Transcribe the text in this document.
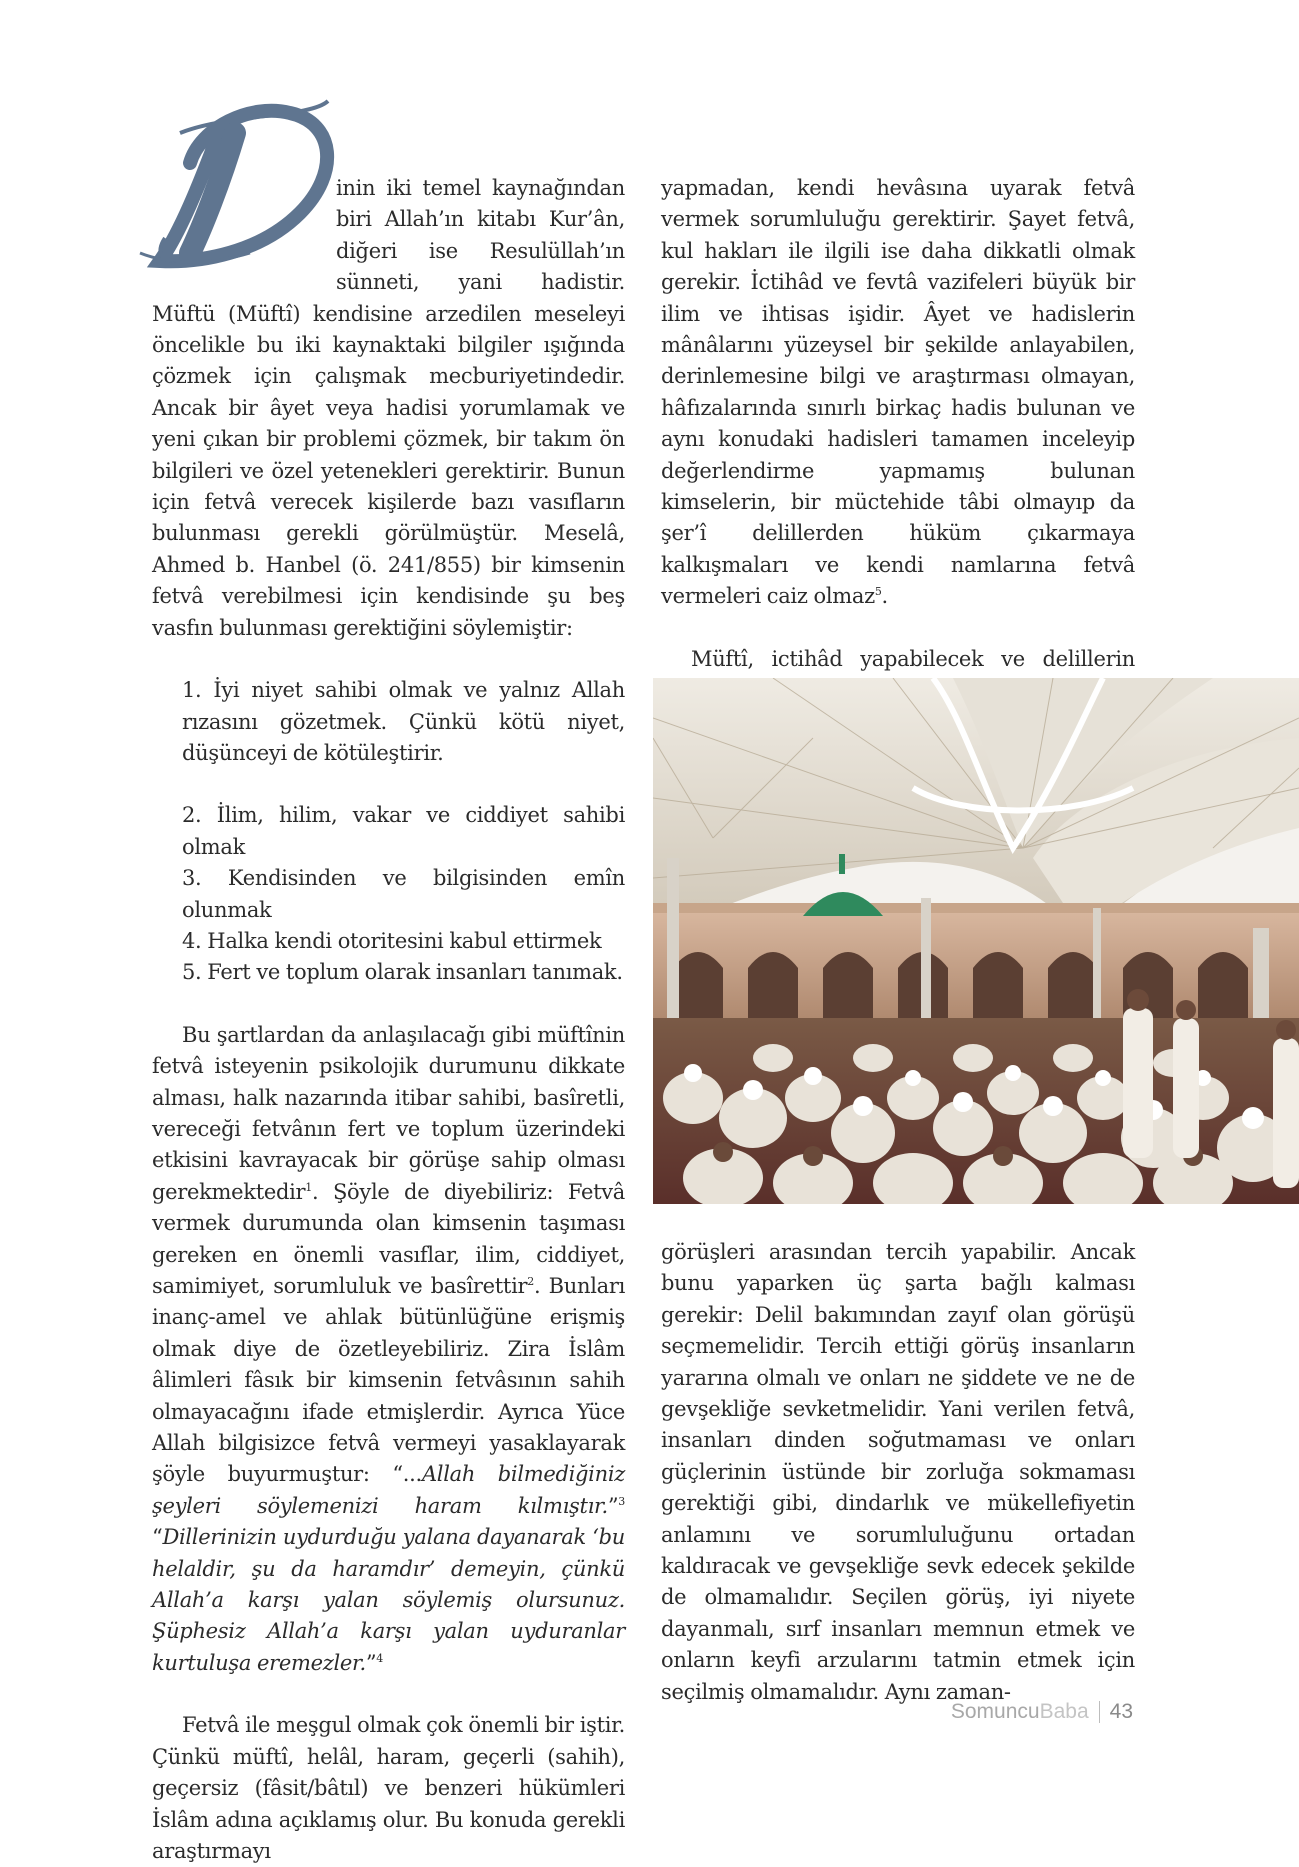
inin iki temel kaynağından biri Allah’ın kitabı Kur’ân, diğeri ise Resulüllah’ın sünneti, yani hadistir. Müftü (Müftî) kendisine arzedilen meseleyi öncelikle bu iki kaynaktaki bilgiler ışığında çözmek için çalışmak mecburiyetindedir. Ancak bir âyet veya hadisi yorumlamak ve yeni çıkan bir problemi çözmek, bir takım ön bilgileri ve özel yetenekleri gerektirir. Bunun için fetvâ verecek kişilerde bazı vasıfların bulunması gerekli görülmüştür. Meselâ, Ahmed b. Hanbel (ö. 241/855) bir kimsenin fetvâ verebilmesi için kendisinde şu beş vasfın bulunması gerektiğini söylemiştir:

1. İyi niyet sahibi olmak ve yalnız Allah rızasını gözetmek. Çünkü kötü niyet, düşünceyi de kötüleştirir.

2. İlim, hilim, vakar ve ciddiyet sahibi olmak

3. Kendisinden ve bilgisinden emîn olunmak

4. Halka kendi otoritesini kabul ettirmek

5. Fert ve toplum olarak insanları tanımak.

Bu şartlardan da anlaşılacağı gibi müftînin fetvâ isteyenin psikolojik durumunu dikkate alması, halk nazarında itibar sahibi, basîretli, vereceği fetvânın fert ve toplum üzerindeki etkisini kavrayacak bir görüşe sahip olması gerekmektedir$^1$. Şöyle de diyebiliriz: Fetvâ vermek durumunda olan kimsenin taşıması gereken en önemli vasıflar, ilim, ciddiyet, samimiyet, sorumluluk ve basîrettir$^2$. Bunları inanç-amel ve ahlak bütünlüğüne erişmiş olmak diye de özetleyebiliriz. Zira İslâm âlimleri fâsık bir kimsenin fetvâsının sahih olmayacağını ifade etmişlerdir. Ayrıca Yüce Allah bilgisizce fetvâ vermeyi yasaklayarak şöyle buyurmuştur: “...Allah bilmediğiniz şeyleri söylemenizi haram kılmıştır.”$^3$ “Dillerinizin uydurduğu yalana dayanarak ‘bu helaldir, şu da haramdır’ demeyin, çünkü Allah’a karşı yalan söylemiş olursunuz. Şüphesiz Allah’a karşı yalan uyduranlar kurtuluşa eremezler.”$^4$

Fetvâ ile meşgul olmak çok önemli bir iştir. Çünkü müftî, helâl, haram, geçerli (sahih), geçersiz (fâsit/bâtıl) ve benzeri hükümleri İslâm adına açıklamış olur. Bu konuda gerekli araştırmayı

yapmadan, kendi hevâsına uyarak fetvâ vermek sorumluluğu gerektirir. Şayet fetvâ, kul hakları ile ilgili ise daha dikkatli olmak gerekir. İctihâd ve fevtâ vazifeleri büyük bir ilim ve ihtisas işidir. Âyet ve hadislerin mânâlarını yüzeysel bir şekilde anlayabilen, derinlemesine bilgi ve araştırması olmayan, hâfızalarında sınırlı birkaç hadis bulunan ve aynı konudaki hadisleri tamamen inceleyip değerlendirme yapmamış bulunan kimselerin, bir müctehide tâbi olmayıp da şer’î delillerden hüküm çıkarmaya kalkışmaları ve kendi namlarına fetvâ vermeleri caiz olmaz$^5$.

Müftî, ictihâd yapabilecek ve delillerin

görüşleri arasından tercih yapabilir. Ancak bunu yaparken üç şarta bağlı kalması gerekir: Delil bakımından zayıf olan görüşü seçmemelidir. Tercih ettiği görüş insanların yararına olmalı ve onları ne şiddete ve ne de gevşekliğe sevketmelidir. Yani verilen fetvâ, insanları dinden soğutmaması ve onları güçlerinin üstünde bir zorluğa sokmaması gerektiği gibi, dindarlık ve mükellefiyetin anlamını ve sorumluluğunu ortadan kaldıracak ve gevşekliğe sevk edecek şekilde de olmamalıdır. Seçilen görüş, iyi niyete dayanmalı, sırf insanları memnun etmek ve onların keyfi arzularını tatmin etmek için seçilmiş olmamalıdır. Aynı zaman-

Somuncu Baba 43
